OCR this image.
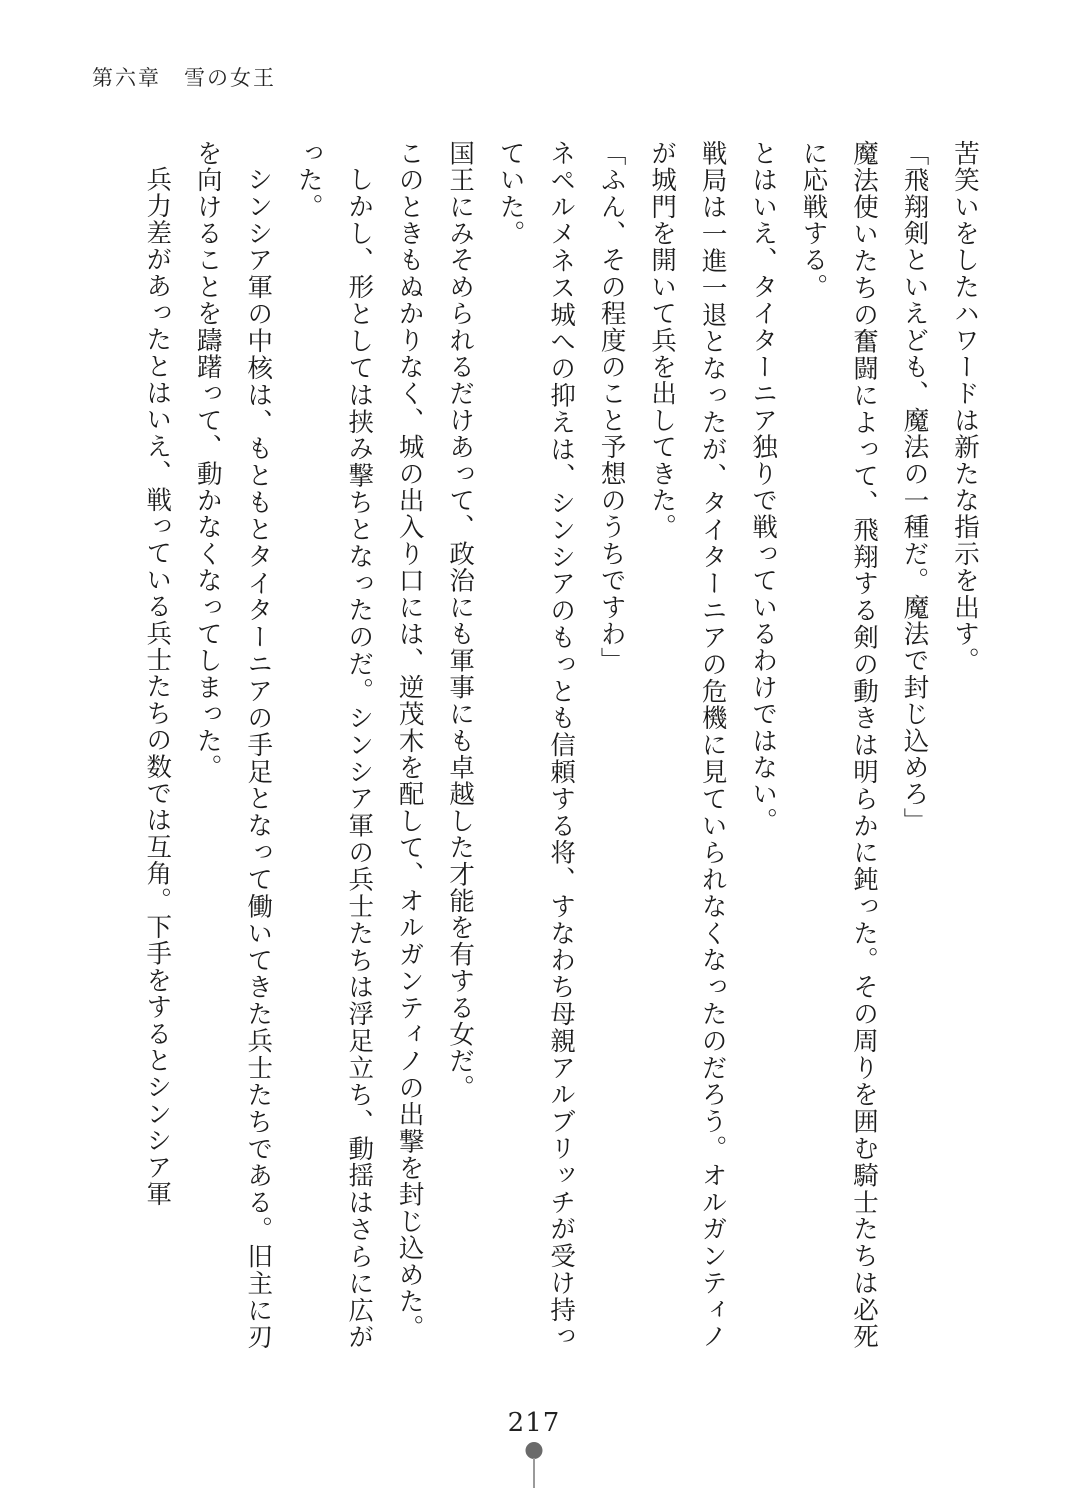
第六章　雪の女王

苦笑いをしたハワードは新たな指示を出す。

「飛翔剣といえども、魔法の一種だ。魔法で封じ込めろ」

魔法使いたちの奮闘によって、飛翔する剣の動きは明らかに鈍った。その周りを囲む騎士たちは必死に応戦する。

とはいえ、タイターニア独りで戦っているわけではない。

戦局は一進一退となったが、タイターニアの危機に見ていられなくなったのだろう。オルガンティノが城門を開いて兵を出してきた。

「ふん、その程度のこと予想のうちですわ」

ネペルメネス城への抑えは、シンシアのもっとも信頼する将、すなわち母親アルブリッチが受け持っていた。

国王にみそめられるだけあって、政治にも軍事にも卓越した才能を有する女だ。

このときもぬかりなく、城の出入り口には、逆茂木を配して、オルガンティノの出撃を封じ込めた。

しかし、形としては挟み撃ちとなったのだ。シンシア軍の兵士たちは浮足立ち、動揺はさらに広がった。

シンシア軍の中核は、もともとタイターニアの手足となって働いてきた兵士たちである。旧主に刃を向けることを躊躇って、動かなくなってしまった。

兵力差があったとはいえ、戦っている兵士たちの数では互角。下手をするとシンシア軍

217
